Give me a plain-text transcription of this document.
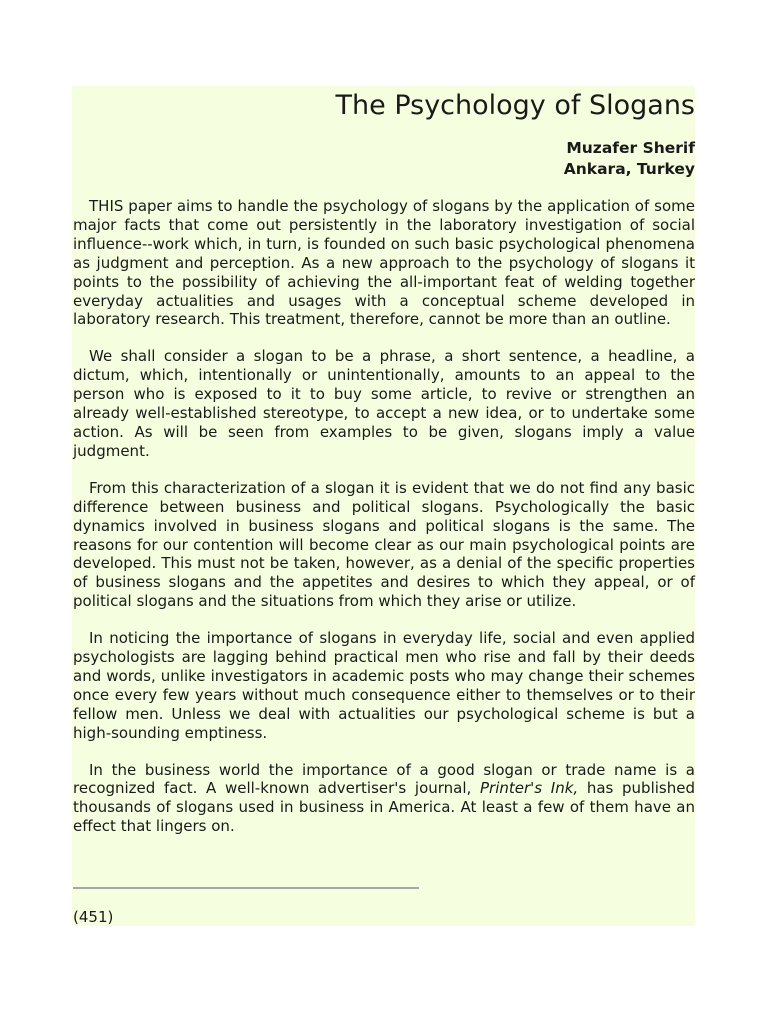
The Psychology of Slogans
Muzafer Sherif
Ankara, Turkey

THIS paper aims to handle the psychology of slogans by the application of some major facts that come out persistently in the laboratory investigation of social influence--work which, in turn, is founded on such basic psychological phenomena as judgment and perception. As a new approach to the psychology of slogans it points to the possibility of achieving the all-important feat of welding together everyday actualities and usages with a conceptual scheme developed in laboratory research. This treatment, therefore, cannot be more than an outline.

We shall consider a slogan to be a phrase, a short sentence, a headline, a dictum, which, intentionally or unintentionally, amounts to an appeal to the person who is exposed to it to buy some article, to revive or strengthen an already well-established stereotype, to accept a new idea, or to undertake some action. As will be seen from examples to be given, slogans imply a value judgment.

From this characterization of a slogan it is evident that we do not find any basic difference between business and political slogans. Psychologically the basic dynamics involved in business slogans and political slogans is the same. The reasons for our contention will become clear as our main psychological points are developed. This must not be taken, however, as a denial of the specific properties of business slogans and the appetites and desires to which they appeal, or of political slogans and the situations from which they arise or utilize.

In noticing the importance of slogans in everyday life, social and even applied psychologists are lagging behind practical men who rise and fall by their deeds and words, unlike investigators in academic posts who may change their schemes once every few years without much consequence either to themselves or to their fellow men. Unless we deal with actualities our psychological scheme is but a high-sounding emptiness.

In the business world the importance of a good slogan or trade name is a recognized fact. A well-known advertiser's journal, Printer's Ink, has published thousands of slogans used in business in America. At least a few of them have an effect that lingers on.

(451)
